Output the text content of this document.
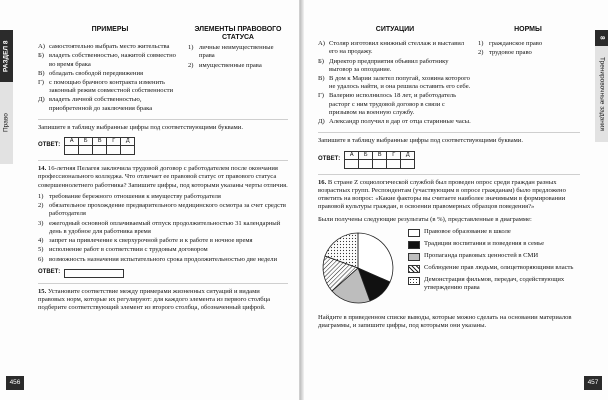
РАЗДЕЛ 8
Право
ПРИМЕРЫ
А) самостоятельно выбрать место жительства
Б) владеть собственностью, нажитой совместно во время брака
В) обладать свободой передвижения
Г) с помощью брачного контракта изменить законный режим совместной собственности
Д) владеть личной собственностью, приобретенной до заключения брака
ЭЛЕМЕНТЫ ПРАВОВОГО СТАТУСА
1) личные неимущественные права
2) имущественные права
Запишите в таблицу выбранные цифры под соответствующими буквами.
ОТВЕТ:
А	Б	В	Г	Д

14. 16-летняя Пелагея заключила трудовой договор с работодателем после окончания профессионального колледжа. Что отличает ее правовой статус от правового статуса совершеннолетнего работника? Запишите цифры, под которыми указаны черты отличия.
1) требование бережного отношения к имуществу работодателя
2) обязательное прохождение предварительного медицинского осмотра за счет средств работодателя
3) ежегодный основной оплачиваемый отпуск продолжительностью 31 календарный день в удобное для работника время
4) запрет на привлечение к сверхурочной работе и к работе в ночное время
5) исполнение работ в соответствии с трудовым договором
6) возможность назначения испытательного срока продолжительностью две недели
ОТВЕТ:
15. Установите соответствие между примерами жизненных ситуаций и видами правовых норм, которые их регулируют: для каждого элемента из первого столбца подберите соответствующий элемент из второго столбца, обозначенный цифрой.
456
8
Тренировочные задания
СИТУАЦИИ
А) Столяр изготовил книжный стеллаж и выставил его на продажу.
Б) Директор предприятия объявил работнику выговор за опоздание.
В) В дом к Марии залетел попугай, хозяина которого не удалось найти, и она решила оставить его себе.
Г) Валерию исполнилось 18 лет, и работодатель расторг с ним трудовой договор в связи с призывом на военную службу.
Д) Александр получил в дар от отца старинные часы.
НОРМЫ
1) гражданское право
2) трудовое право
Запишите в таблицу выбранные цифры под соответствующими буквами.
ОТВЕТ:
А	Б	В	Г	Д

16. В стране Z социологической службой был проведен опрос среди граждан разных возрастных групп. Респондентам (участвующим в опросе гражданам) было предложено ответить на вопрос: «Какие факторы вы считаете наиболее значимыми в формировании правовой культуры граждан, в освоении правомерных образцов поведения?»
Были получены следующие результаты (в %), представленные в диаграмме:
Правовое образование в школе
Традиции воспитания и поведения в семье
Пропаганда правовых ценностей в СМИ
Соблюдение прав людьми, олицетворяющими власть
Демонстрация фильмов, передач, содействующих утверждению права
Найдите в приведенном списке выводы, которые можно сделать на основании материалов диаграммы, и запишите цифры, под которыми они указаны.
457
